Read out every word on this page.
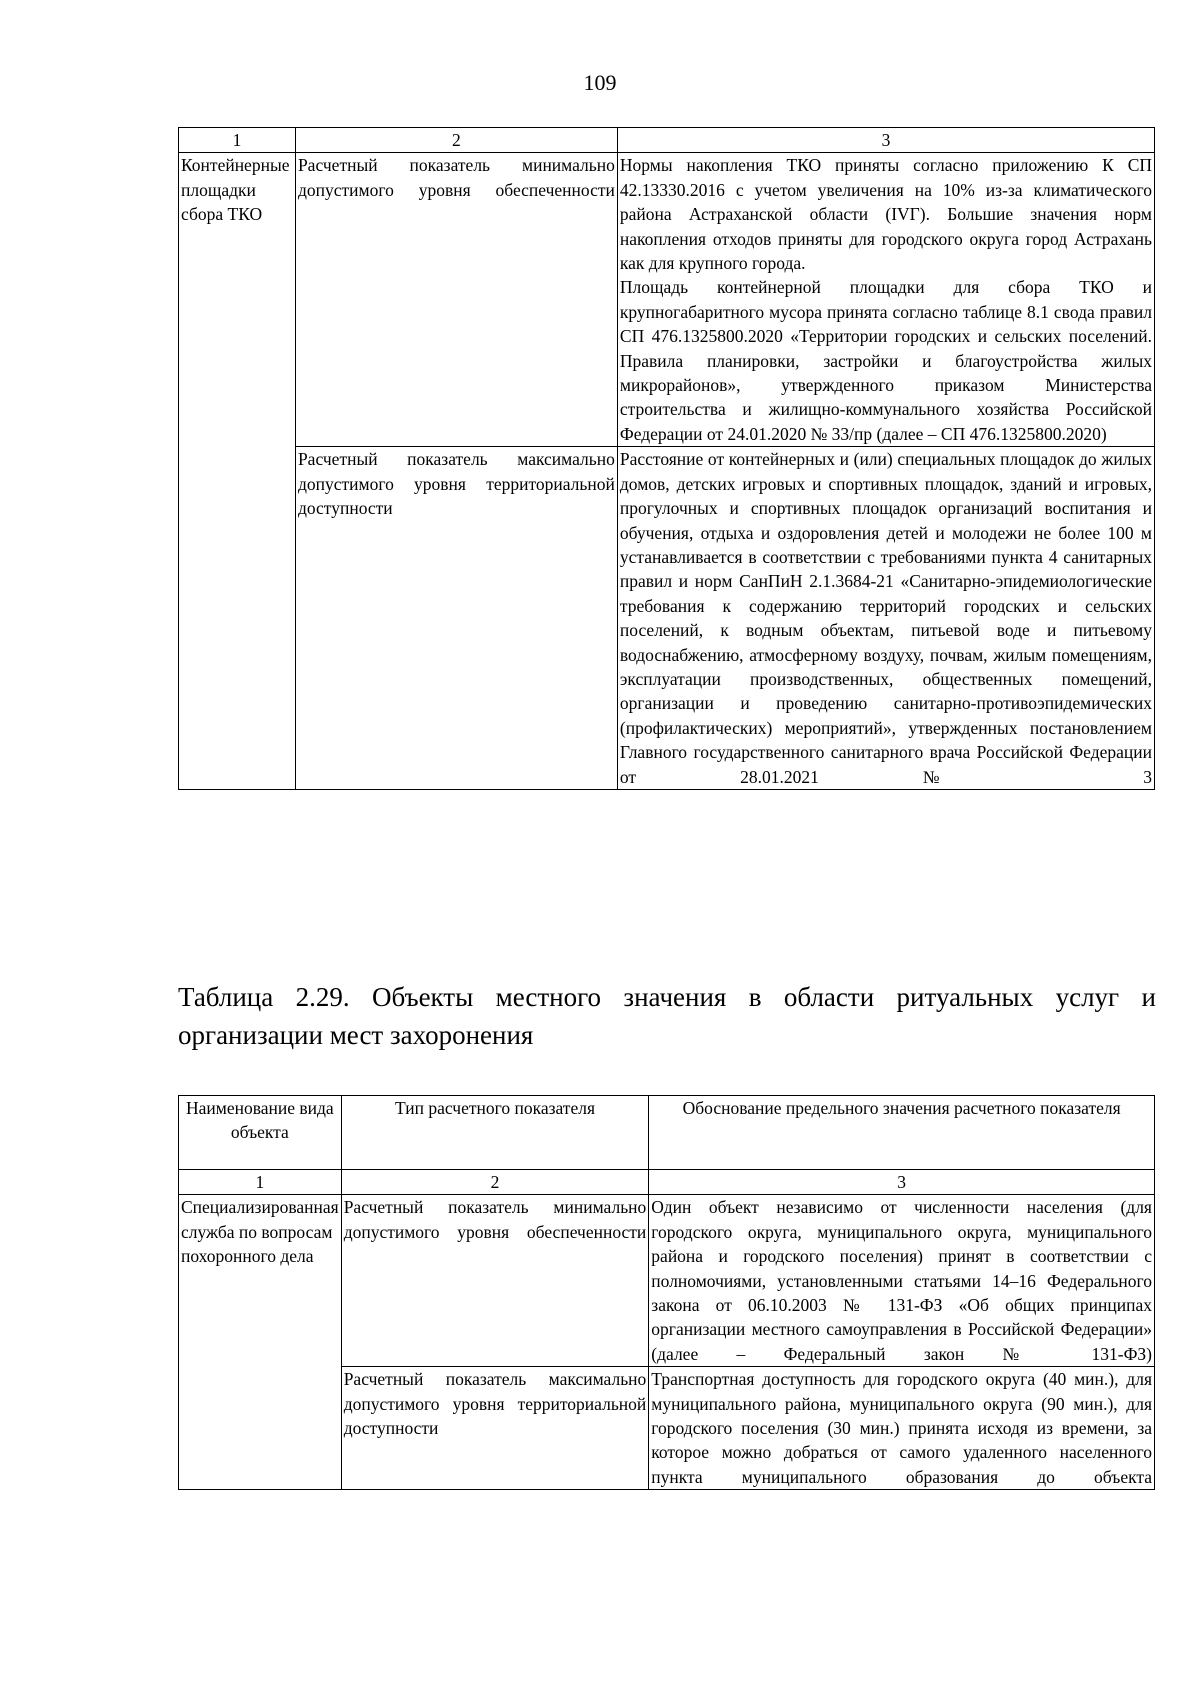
109
1	2	3
Контейнерные площадки сбора ТКО	Расчетный показатель минимально допустимого уровня обеспеченности	Нормы накопления ТКО приняты согласно приложению К СП 42.13330.2016 с учетом увеличения на 10% из-за климатического района Астраханской области (IVГ). Большие значения норм накопления отходов приняты для городского округа город Астрахань как для крупного города.
Площадь контейнерной площадки для сбора ТКО и крупногабаритного мусора принята согласно таблице 8.1 свода правил СП 476.1325800.2020 «Территории городских и сельских поселений. Правила планировки, застройки и благоустройства жилых микрорайонов», утвержденного приказом Министерства строительства и жилищно-коммунального хозяйства Российской Федерации от 24.01.2020 № 33/пр (далее – СП 476.1325800.2020)

	Расчетный показатель максимально допустимого уровня территориальной доступности	Расстояние от контейнерных и (или) специальных площадок до жилых домов, детских игровых и спортивных площадок, зданий и игровых, прогулочных и спортивных площадок организаций воспитания и обучения, отдыха и оздоровления детей и молодежи не более 100 м устанавливается в соответствии с требованиями пункта 4 санитарных правил и норм СанПиН 2.1.3684-21 «Санитарно-эпидемиологические требования к содержанию территорий городских и сельских поселений, к водным объектам, питьевой воде и питьевому водоснабжению, атмосферному воздуху, почвам, жилым помещениям, эксплуатации производственных, общественных помещений, организации и проведению санитарно-противоэпидемических (профилактических) мероприятий», утвержденных постановлением Главного государственного санитарного врача Российской Федерации от 28.01.2021 № 3
Таблица 2.29. Объекты местного значения в области ритуальных услуг и организации мест захоронения
Наименование вида объекта	Тип расчетного показателя	Обоснование предельного значения расчетного показателя
1	2	3
Специализированная служба по вопросам похоронного дела	Расчетный показатель минимально допустимого уровня обеспеченности	Один объект независимо от численности населения (для городского округа, муниципального округа, муниципального района и городского поселения) принят в соответствии с полномочиями, установленными статьями 14–16 Федерального закона от 06.10.2003 № 131-ФЗ «Об общих принципах организации местного самоуправления в Российской Федерации» (далее – Федеральный закон № 131-ФЗ)
	Расчетный показатель максимально допустимого уровня территориальной доступности	Транспортная доступность для городского округа (40 мин.), для муниципального района, муниципального округа (90 мин.), для городского поселения (30 мин.) принята исходя из времени, за которое можно добраться от самого удаленного населенного пункта муниципального образования до объекта
